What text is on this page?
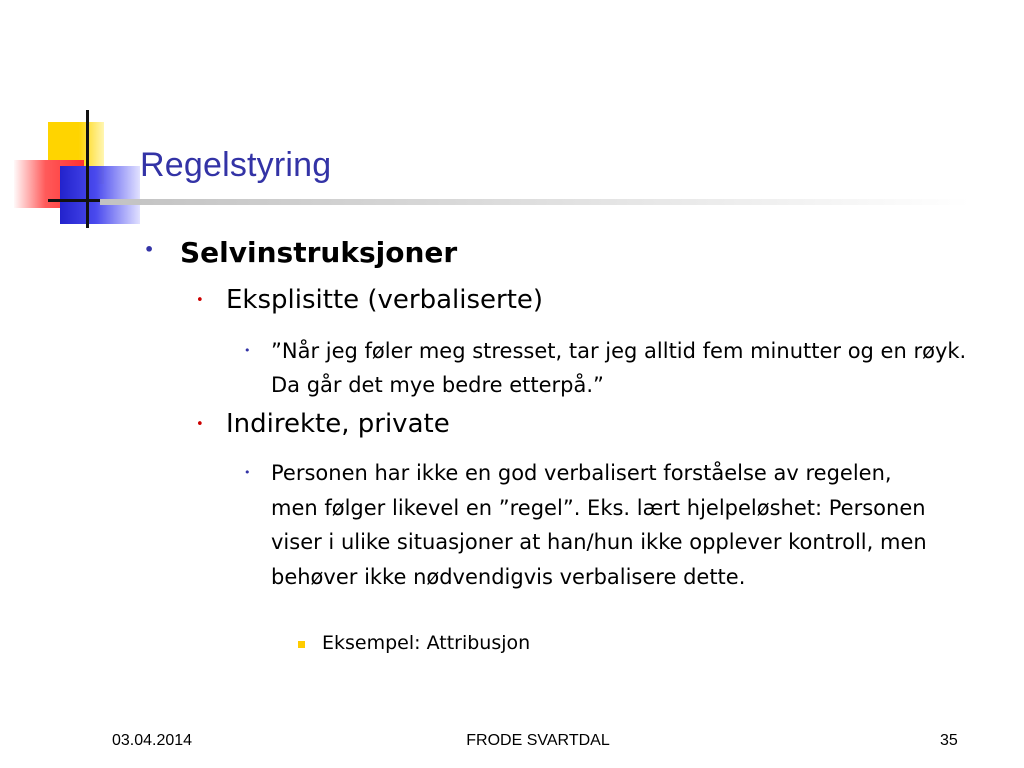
Regelstyring
• Selvinstruksjoner
• Eksplisitte (verbaliserte)
• ”Når jeg føler meg stresset, tar jeg alltid fem minutter og en røyk. Da går det mye bedre etterpå.”
• Indirekte, private
• Personen har ikke en god verbalisert forståelse av regelen, men følger likevel en ”regel”. Eks. lært hjelpeløshet: Personen viser i ulike situasjoner at han/hun ikke opplever kontroll, men behøver ikke nødvendigvis verbalisere dette.
Eksempel: Attribusjon
03.04.2014	FRODE SVARTDAL	35
